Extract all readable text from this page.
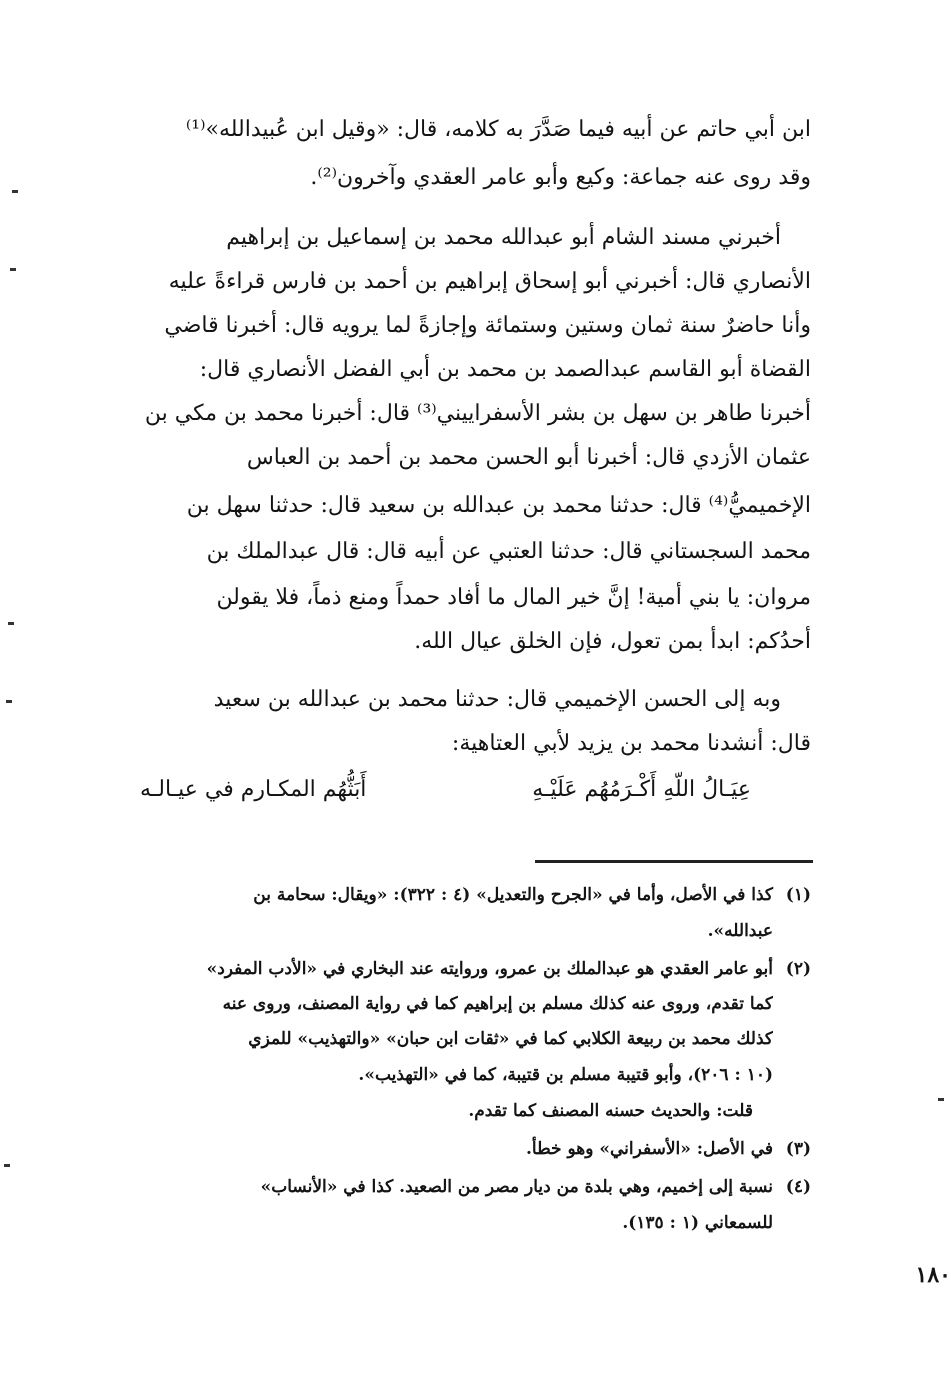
ابن أبي حاتم عن أبيه فيما صَدَّرَ به كلامه، قال: «وقيل ابن عُبيدالله»⁽¹⁾
وقد روى عنه جماعة: وكيع وأبو عامر العقدي وآخرون⁽²⁾.
أخبرني مسند الشام أبو عبدالله محمد بن إسماعيل بن إبراهيم
الأنصاري قال: أخبرني أبو إسحاق إبراهيم بن أحمد بن فارس قراءةً عليه
وأنا حاضرٌ سنة ثمان وستين وستمائة وإجازةً لما يرويه قال: أخبرنا قاضي
القضاة أبو القاسم عبدالصمد بن محمد بن أبي الفضل الأنصاري قال:
أخبرنا طاهر بن سهل بن بشر الأسفراييني⁽³⁾ قال: أخبرنا محمد بن مكي بن
عثمان الأزدي قال: أخبرنا أبو الحسن محمد بن أحمد بن العباس
الإخميميُّ⁽⁴⁾ قال: حدثنا محمد بن عبدالله بن سعيد قال: حدثنا سهل بن
محمد السجستاني قال: حدثنا العتبي عن أبيه قال: قال عبدالملك بن
مروان: يا بني أمية! إنَّ خير المال ما أفاد حمداً ومنع ذماً، فلا يقولن
أحدُكم: ابدأ بمن تعول، فإن الخلق عيال الله.
وبه إلى الحسن الإخميمي قال: حدثنا محمد بن عبدالله بن سعيد
قال: أنشدنا محمد بن يزيد لأبي العتاهية:
عِيَـالُ اللّهِ أَكْـرَمُهُم عَلَيْـهِ
أَبَثُّهُم المكـارم في عيـالـه
(١)
كذا في الأصل، وأما في «الجرح والتعديل» (٤ : ٣٢٢): «ويقال: سحامة بن
عبدالله».
(٢)
أبو عامر العقدي هو عبدالملك بن عمرو، وروايته عند البخاري في «الأدب المفرد»
كما تقدم، وروى عنه كذلك مسلم بن إبراهيم كما في رواية المصنف، وروى عنه
كذلك محمد بن ربيعة الكلابي كما في «ثقات ابن حبان» «والتهذيب» للمزي
(١٠ : ٢٠٦)، وأبو قتيبة مسلم بن قتيبة، كما في «التهذيب».
قلت: والحديث حسنه المصنف كما تقدم.
(٣)
في الأصل: «الأسفراني» وهو خطأ.
(٤)
نسبة إلى إخميم، وهي بلدة من ديار مصر من الصعيد. كذا في «الأنساب»
للسمعاني (١ : ١٣٥).
١٨٠
